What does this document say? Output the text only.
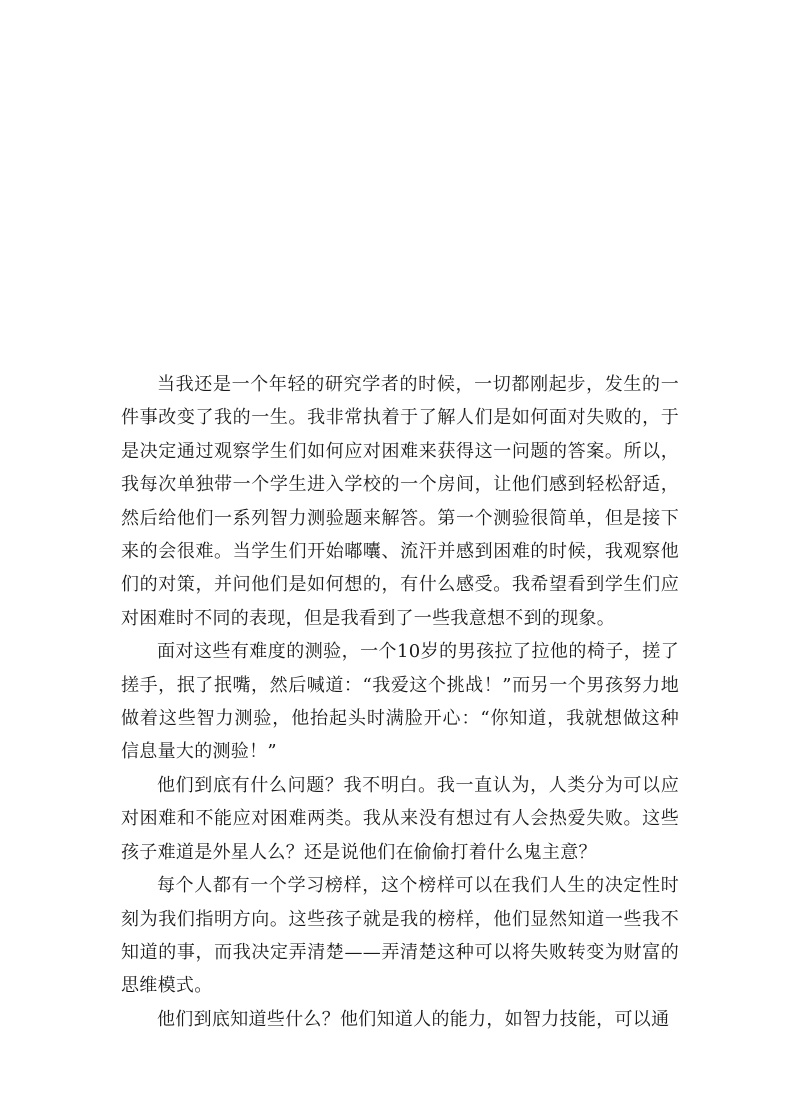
当我还是一个年轻的研究学者的时候，一切都刚起步，发生的一件事改变了我的一生。我非常执着于了解人们是如何面对失败的，于是决定通过观察学生们如何应对困难来获得这一问题的答案。所以，我每次单独带一个学生进入学校的一个房间，让他们感到轻松舒适，然后给他们一系列智力测验题来解答。第一个测验很简单，但是接下来的会很难。当学生们开始嘟囔、流汗并感到困难的时候，我观察他们的对策，并问他们是如何想的，有什么感受。我希望看到学生们应对困难时不同的表现，但是我看到了一些我意想不到的现象。

面对这些有难度的测验，一个10岁的男孩拉了拉他的椅子，搓了搓手，抿了抿嘴，然后喊道：“我爱这个挑战！”而另一个男孩努力地做着这些智力测验，他抬起头时满脸开心：“你知道，我就想做这种信息量大的测验！”

他们到底有什么问题？我不明白。我一直认为，人类分为可以应对困难和不能应对困难两类。我从来没有想过有人会热爱失败。这些孩子难道是外星人么？还是说他们在偷偷打着什么鬼主意？

每个人都有一个学习榜样，这个榜样可以在我们人生的决定性时刻为我们指明方向。这些孩子就是我的榜样，他们显然知道一些我不知道的事，而我决定弄清楚——弄清楚这种可以将失败转变为财富的思维模式。

他们到底知道些什么？他们知道人的能力，如智力技能，可以通
